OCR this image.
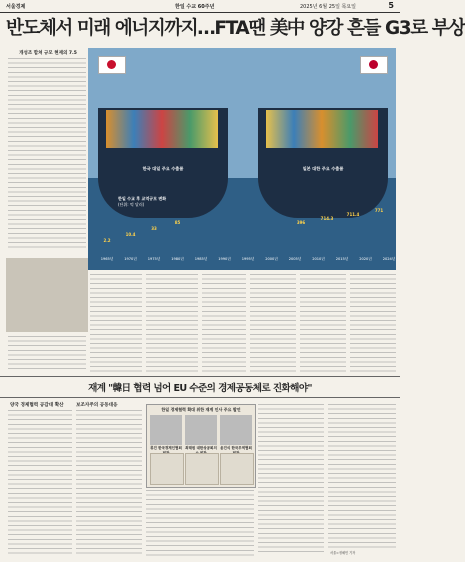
서울경제	한일 수교 60주년	2025년 6월 25일 목요일	5
반도체서 미래 에너지까지…FTA땐 美中 양강 흔들 G3로 부상
개성조 합쳐 규모 현재의 7.5
한국 대일 주요 수출품	일본 대한 주요 수출품
한일 수교 후 교역규모 변화
(단위: 억 달러)
1965년
2.2
1970년
10.4
1975년
33
1980년
85
1985년	1990년	1995년	2000년	2005년	2010년	2015년	2020년	2024년
396
714.3
711.4
771
재계 "韓日 협력 넘어 EU 수준의 경제공동체로 진화해야"
양국 경제협력 공감대 확산	보조자주의 공동대응
한일 경제협력 확대 위한 재계 인사 주요 발언
류진 한국경제인협회 최태원 대한상공회의 윤진식 한국무역협회
서울=정혜민 기자
